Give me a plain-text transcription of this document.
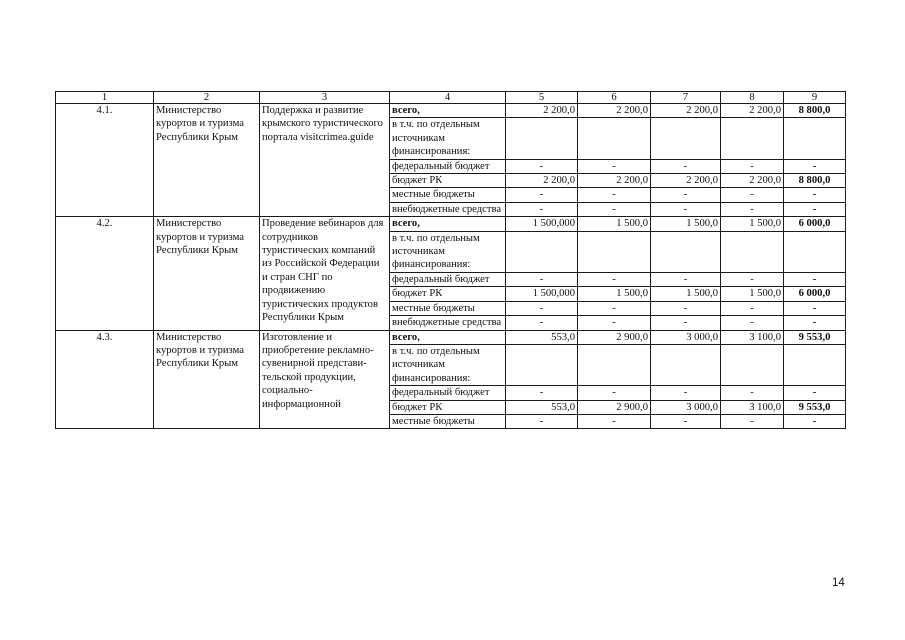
1	2	3	4	5	6	7	8	9
4.1.	Министерство курортов и туризма Республики Крым	Поддержка и развитие крымского туристического портала visitcrimea.guide	всего,	2 200,0	2 200,0	2 200,0	2 200,0	8 800,0
			в т.ч. по отдельным источникам финансирования:					
			федеральный бюджет	-	-	-	-	-
			бюджет РК	2 200,0	2 200,0	2 200,0	2 200,0	8 800,0
			местные бюджеты	-	-	-	-	-
			внебюджетные средства	-	-	-	-	-
4.2.	Министерство курортов и туризма Республики Крым	Проведение вебинаров для сотрудников туристических компаний из Российской Федерации и стран СНГ по продвижению туристических продуктов Республики Крым	всего,	1 500,000	1 500,0	1 500,0	1 500,0	6 000,0
			в т.ч. по отдельным источникам финансирования:					
			федеральный бюджет	-	-	-	-	-
			бюджет РК	1 500,000	1 500,0	1 500,0	1 500,0	6 000,0
			местные бюджеты	-	-	-	-	-
			внебюджетные средства	-	-	-	-	-
4.3.	Министерство курортов и туризма Республики Крым	Изготовление и приобретение рекламно-сувенирной представи-тельской продукции, социально-информационной	всего,	553,0	2 900,0	3 000,0	3 100,0	9 553,0
			в т.ч. по отдельным источникам финансирования:					
			федеральный бюджет	-	-	-	-	-
			бюджет РК	553,0	2 900,0	3 000,0	3 100,0	9 553,0
			местные бюджеты	-	-	-	-	-
14
